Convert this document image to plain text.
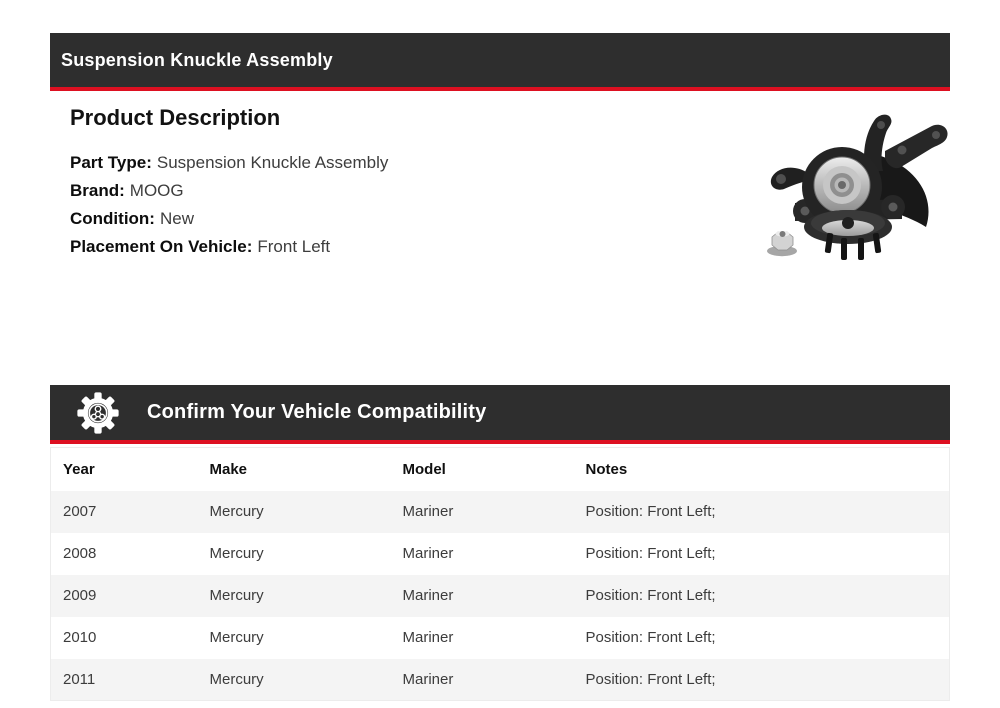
Suspension Knuckle Assembly
Product Description
Part Type: Suspension Knuckle Assembly
Brand: MOOG
Condition: New
Placement On Vehicle: Front Left
Confirm Your Vehicle Compatibility
Year	Make	Model	Notes
2007	Mercury	Mariner	Position: Front Left;
2008	Mercury	Mariner	Position: Front Left;
2009	Mercury	Mariner	Position: Front Left;
2010	Mercury	Mariner	Position: Front Left;
2011	Mercury	Mariner	Position: Front Left;
